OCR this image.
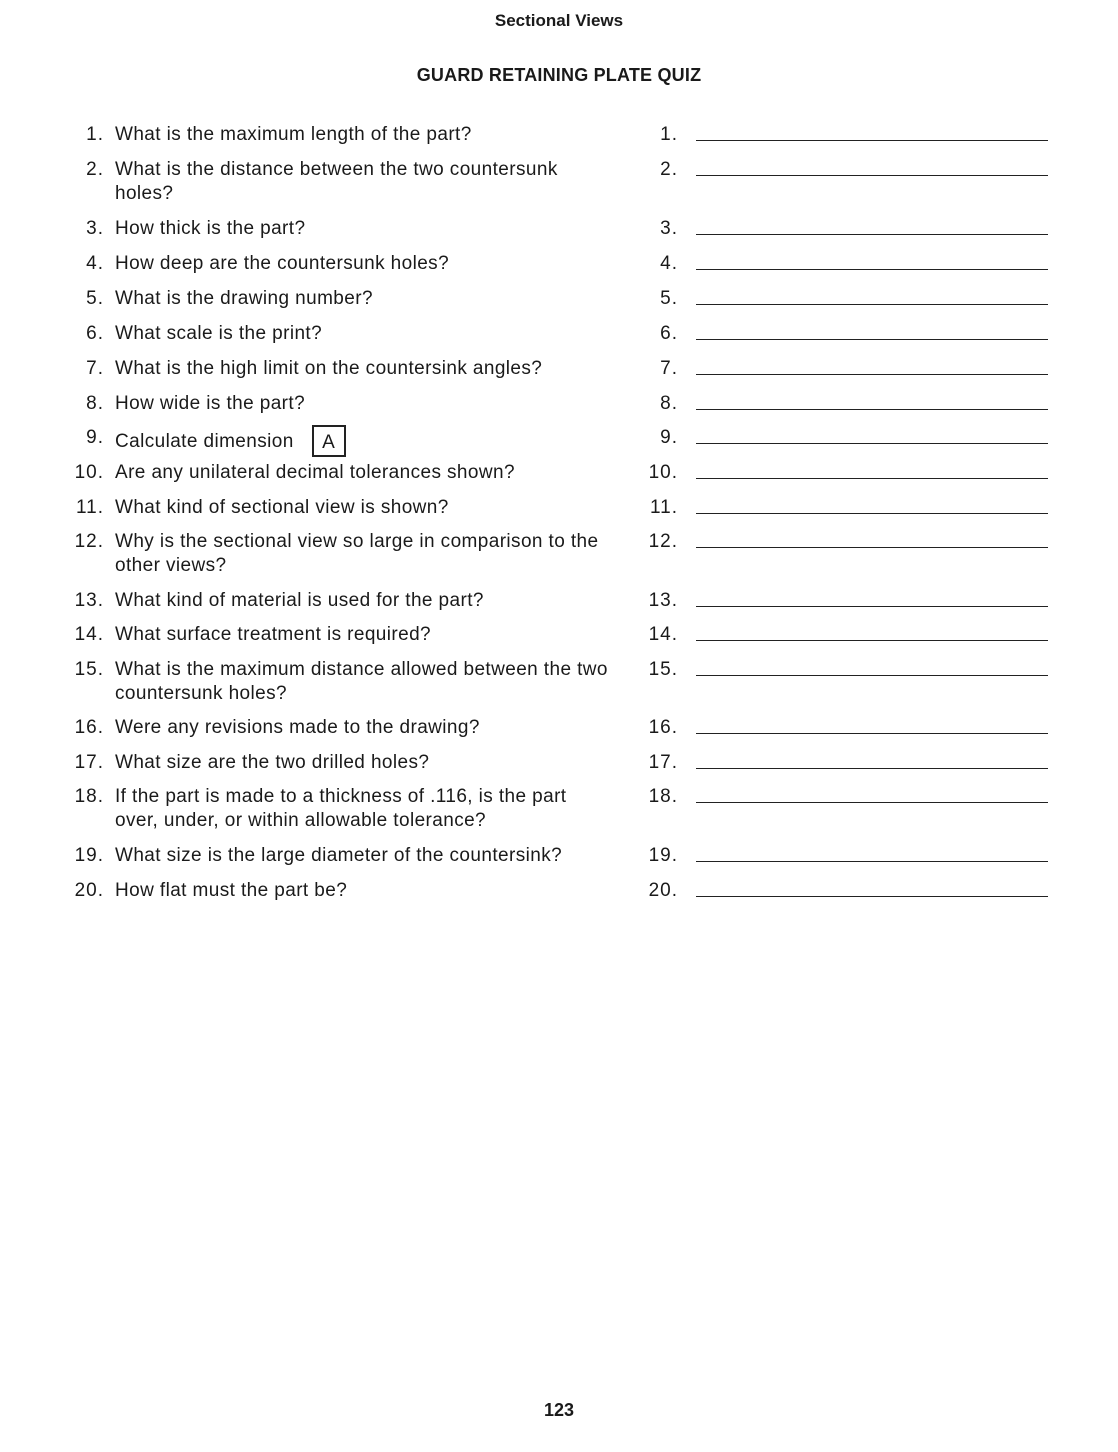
Sectional Views
GUARD RETAINING PLATE QUIZ
1. What is the maximum length of the part?	1.
2. What is the distance between the two countersunk holes?
2.
3. How thick is the part?	3.
4. How deep are the countersunk holes?	4.
5. What is the drawing number?	5.
6. What scale is the print?	6.
7. What is the high limit on the countersink angles?	7.
8. How wide is the part?	8.
9. Calculate dimension A	9.
10. Are any unilateral decimal tolerances shown?	10.
11. What kind of sectional view is shown?	11.
12. Why is the sectional view so large in comparison to the other views?
12.
13. What kind of material is used for the part?	13.
14. What surface treatment is required?	14.
15. What is the maximum distance allowed between the two countersunk holes?
15.
16. Were any revisions made to the drawing?	16.
17. What size are the two drilled holes?	17.
18. If the part is made to a thickness of .116, is the part over, under, or within allowable tolerance?
18.
19. What size is the large diameter of the countersink?	19.
20. How flat must the part be?	20.
123
